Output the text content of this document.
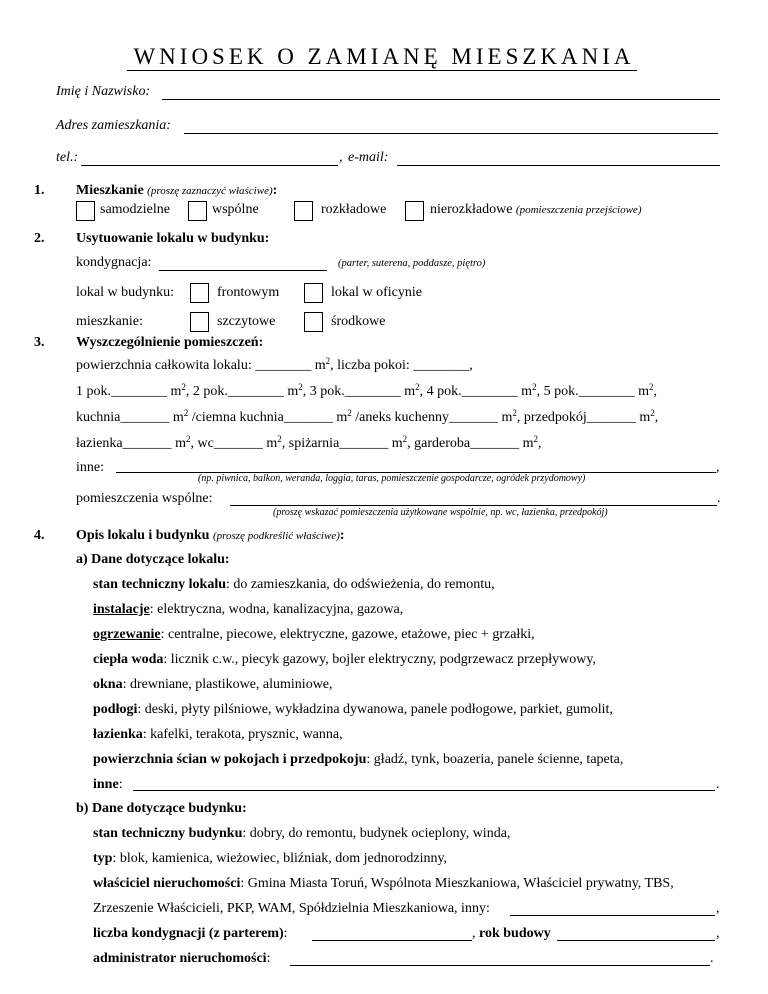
WNIOSEK O ZAMIANĘ MIESZKANIA
Imię i Nazwisko:
Adres zamieszkania:
tel.:	, e-mail:
1. Mieszkanie (proszę zaznaczyć właściwe):
samodzielne	wspólne	rozkładowe	nierozkładowe (pomieszczenia przejściowe)
2. Usytuowanie lokalu w budynku:
kondygnacja:	(parter, suterena, poddasze, piętro)
lokal w budynku:	frontowym	lokal w oficynie
mieszkanie:	szczytowe	środkowe
3. Wyszczególnienie pomieszczeń:
powierzchnia całkowita lokalu: ________ $m^2$, liczba pokoi: ________,
1 pok.________ $m^2$, 2 pok.________ $m^2$, 3 pok.________ $m^2$, 4 pok.________ $m^2$, 5 pok.________ $m^2$,
kuchnia_______ $m^2$ /ciemna kuchnia_______ $m^2$ /aneks kuchenny_______ $m^2$, przedpokój_______ $m^2$,
łazienka_______ $m^2$, wc_______ $m^2$, spiżarnia_______ $m^2$, garderoba_______ $m^2$,
inne:	,
(np. piwnica, balkon, weranda, loggia, taras, pomieszczenie gospodarcze, ogródek przydomowy)
pomieszczenia wspólne:	.
(proszę wskazać pomieszczenia użytkowane wspólnie, np. wc, łazienka, przedpokój)
4. Opis lokalu i budynku (proszę podkreślić właściwe):
a) Dane dotyczące lokalu:
stan techniczny lokalu: do zamieszkania, do odświeżenia, do remontu,
instalacje: elektryczna, wodna, kanalizacyjna, gazowa,
ogrzewanie: centralne, piecowe, elektryczne, gazowe, etażowe, piec + grzałki,
ciepła woda: licznik c.w., piecyk gazowy, bojler elektryczny, podgrzewacz przepływowy,
okna: drewniane, plastikowe, aluminiowe,
podłogi: deski, płyty pilśniowe, wykładzina dywanowa, panele podłogowe, parkiet, gumolit,
łazienka: kafelki, terakota, prysznic, wanna,
powierzchnia ścian w pokojach i przedpokoju: gładź, tynk, boazeria, panele ścienne, tapeta,
inne:	.
b) Dane dotyczące budynku:
stan techniczny budynku: dobry, do remontu, budynek ocieplony, winda,
typ: blok, kamienica, wieżowiec, bliźniak, dom jednorodzinny,
właściciel nieruchomości: Gmina Miasta Toruń, Wspólnota Mieszkaniowa, Właściciel prywatny, TBS,
Zrzeszenie Właścicieli, PKP, WAM, Spółdzielnia Mieszkaniowa, inny:	,
liczba kondygnacji (z parterem):	, rok budowy	,
administrator nieruchomości:	.
